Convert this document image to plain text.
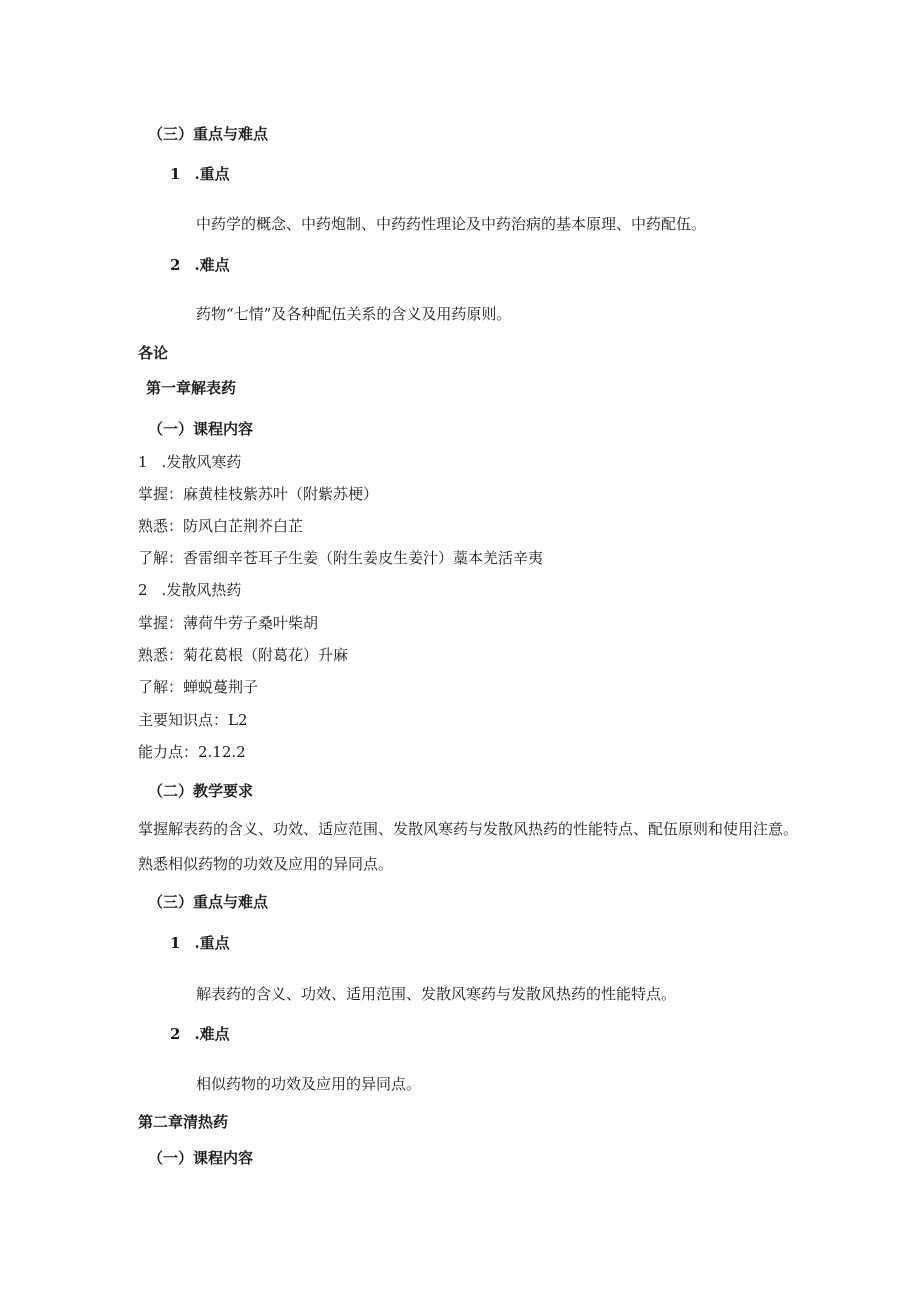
（三）重点与难点
1 .重点
中药学的概念、中药炮制、中药药性理论及中药治病的基本原理、中药配伍。
2 .难点
药物“七情”及各种配伍关系的含义及用药原则。
各论
第一章解表药
（一）课程内容
1 .发散风寒药
掌握：麻黄桂枝紫苏叶（附紫苏梗）
熟悉：防风白芷荆芥白芷
了解：香雷细辛苍耳子生姜（附生姜皮生姜汁）藁本羌活辛夷
2 .发散风热药
掌握：薄荷牛劳子桑叶柴胡
熟悉：菊花葛根（附葛花）升麻
了解：蝉蜕蔓荆子
主要知识点：L2
能力点：2.12.2
（二）教学要求
掌握解表药的含义、功效、适应范围、发散风寒药与发散风热药的性能特点、配伍原则和使用注意。
熟悉相似药物的功效及应用的异同点。
（三）重点与难点
1 .重点
解表药的含义、功效、适用范围、发散风寒药与发散风热药的性能特点。
2 .难点
相似药物的功效及应用的异同点。
第二章清热药
（一）课程内容
